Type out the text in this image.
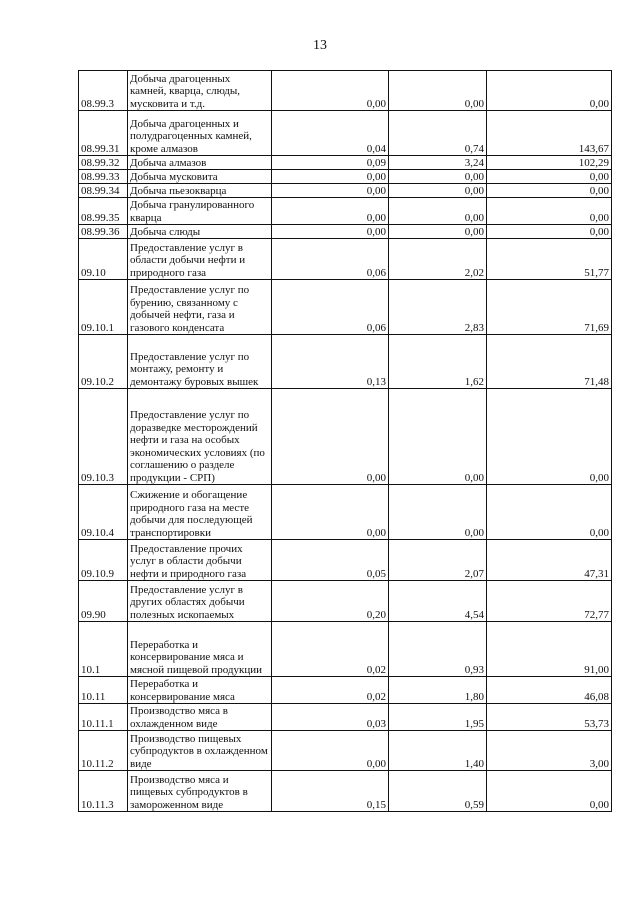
13
08.99.3	Добыча драгоценных камней, кварца, слюды, мусковита и т.д.	0,00	0,00	0,00
08.99.31	Добыча драгоценных и полудрагоценных камней, кроме алмазов	0,04	0,74	143,67
08.99.32	Добыча алмазов	0,09	3,24	102,29
08.99.33	Добыча мусковита	0,00	0,00	0,00
08.99.34	Добыча пьезокварца	0,00	0,00	0,00
08.99.35	Добыча гранулированного кварца	0,00	0,00	0,00
08.99.36	Добыча слюды	0,00	0,00	0,00
09.10	Предоставление услуг в области добычи нефти и природного газа	0,06	2,02	51,77
09.10.1	Предоставление услуг по бурению, связанному с добычей нефти, газа и газового конденсата	0,06	2,83	71,69
09.10.2	Предоставление услуг по монтажу, ремонту и демонтажу буровых вышек	0,13	1,62	71,48
09.10.3	Предоставление услуг по доразведке месторождений нефти и газа на особых экономических условиях (по соглашению о разделе продукции - СРП)	0,00	0,00	0,00
09.10.4	Сжижение и обогащение природного газа на месте добычи для последующей транспортировки	0,00	0,00	0,00
09.10.9	Предоставление прочих услуг в области добычи нефти и природного газа	0,05	2,07	47,31
09.90	Предоставление услуг в других областях добычи полезных ископаемых	0,20	4,54	72,77
10.1	Переработка и консервирование мяса и мясной пищевой продукции	0,02	0,93	91,00
10.11	Переработка и консервирование мяса	0,02	1,80	46,08
10.11.1	Производство мяса в охлажденном виде	0,03	1,95	53,73
10.11.2	Производство пищевых субпродуктов в охлажденном виде	0,00	1,40	3,00
10.11.3	Производство мяса и пищевых субпродуктов в замороженном виде	0,15	0,59	0,00
